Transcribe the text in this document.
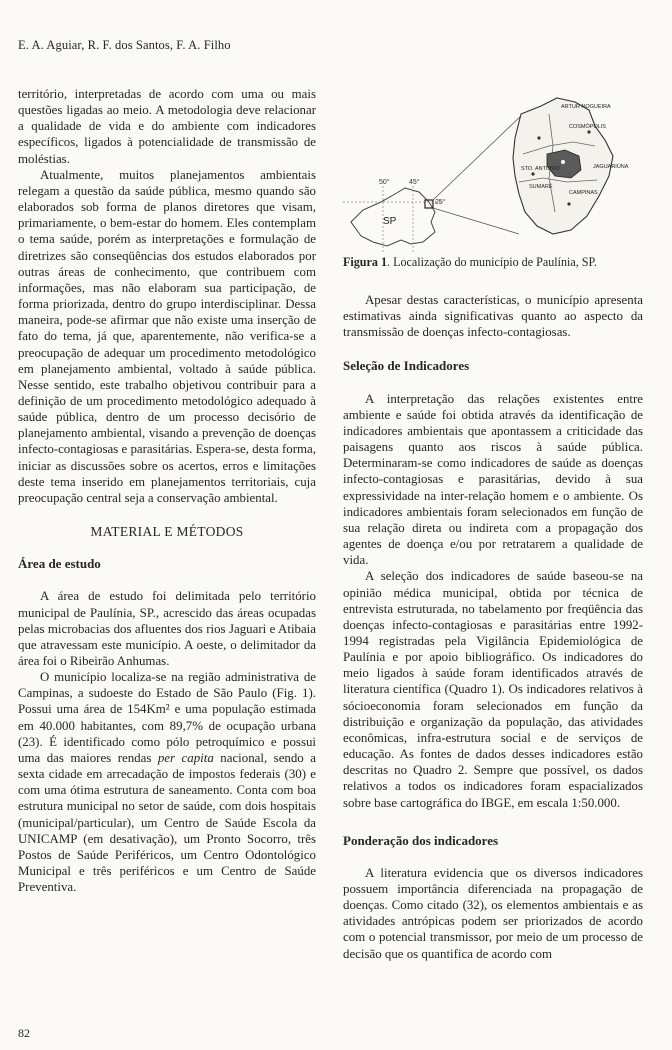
E. A. Aguiar, R. F. dos Santos, F. A. Filho

território, interpretadas de acordo com uma ou mais questões ligadas ao meio. A metodologia deve relacionar a qualidade de vida e do ambiente com indicadores específicos, ligados à potencialidade de transmissão de moléstias.

Atualmente, muitos planejamentos ambientais relegam a questão da saúde pública, mesmo quando são elaborados sob forma de planos diretores que visam, primariamente, o bem-estar do homem. Eles contemplam o tema saúde, porém as interpretações e formulação de diretrizes são conseqüências dos estudos elaborados por outras áreas de conhecimento, que contribuem com informações, mas não elaboram sua participação, de forma priorizada, dentro do grupo interdisciplinar. Dessa maneira, pode-se afirmar que não existe uma inserção de fato do tema, já que, aparentemente, não verifica-se a preocupação de adequar um procedimento metodológico em planejamento ambiental, voltado à saúde pública. Nesse sentido, este trabalho objetivou contribuir para a definição de um procedimento metodológico adequado à saúde pública, dentro de um processo decisório de planejamento ambiental, visando a prevenção de doenças infecto-contagiosas e parasitárias. Espera-se, desta forma, iniciar as discussões sobre os acertos, erros e limitações deste tema inserido em planejamentos territoriais, cuja preocupação central seja a conservação ambiental.

MATERIAL E MÉTODOS
Área de estudo

A área de estudo foi delimitada pelo território municipal de Paulínia, SP., acrescido das áreas ocupadas pelas microbacias dos afluentes dos rios Jaguari e Atibaia que atravessam este município. A oeste, o delimitador da área foi o Ribeirão Anhumas.

O município localiza-se na região administrativa de Campinas, a sudoeste do Estado de São Paulo (Fig. 1). Possui uma área de 154Km² e uma população estimada em 40.000 habitantes, com 89,7% de ocupação urbana (23). É identificado como pólo petroquímico e possui uma das maiores rendas per capita nacional, sendo a sexta cidade em arrecadação de impostos federais (30) e com uma ótima estrutura de saneamento. Conta com boa estrutura municipal no setor de saúde, com dois hospitais (municipal/particular), um Centro de Saúde Escola da UNICAMP (em desativação), um Pronto Socorro, três Postos de Saúde Periféricos, um Centro Odontológico Municipal e três periféricos e um Centro de Saúde Preventiva.

50°	45°
25°
SP
ARTUR NOGUEIRA
CAMPINAS
STO. ANTONIO
COSMÓPOLIS
SUMARÉ
JAGUARIÚNA
Figura 1. Localização do município de Paulínia, SP.

Apesar destas características, o município apresenta estimativas ainda significativas quanto ao aspecto da transmissão de doenças infecto-contagiosas.

Seleção de Indicadores

A interpretação das relações existentes entre ambiente e saúde foi obtida através da identificação de indicadores ambientais que apontassem a criticidade das paisagens quanto aos riscos à saúde pública. Determinaram-se como indicadores de saúde as doenças infecto-contagiosas e parasitárias, devido à sua expressividade na inter-relação homem e o ambiente. Os indicadores ambientais foram selecionados em função de sua relação direta ou indireta com a propagação dos agentes de doença e/ou por retratarem a qualidade de vida.

A seleção dos indicadores de saúde baseou-se na opinião médica municipal, obtida por técnica de entrevista estruturada, no tabelamento por freqüência das doenças infecto-contagiosas e parasitárias entre 1992-1994 registradas pela Vigilância Epidemiológica de Paulínia e por apoio bibliográfico. Os indicadores do meio ligados à saúde foram identificados através de literatura científica (Quadro 1). Os indicadores relativos à sócioeconomia foram selecionados em função da distribuição e organização da população, das atividades econômicas, infra-estrutura social e de serviços de educação. As fontes de dados desses indicadores estão descritas no Quadro 2. Sempre que possível, os dados relativos a todos os indicadores foram espacializados sobre base cartográfica do IBGE, em escala 1:50.000.

Ponderação dos indicadores

A literatura evidencia que os diversos indicadores possuem importância diferenciada na propagação de doenças. Como citado (32), os elementos ambientais e as atividades antrópicas podem ser priorizados de acordo com o potencial transmissor, por meio de um processo de decisão que os quantifica de acordo com

82
